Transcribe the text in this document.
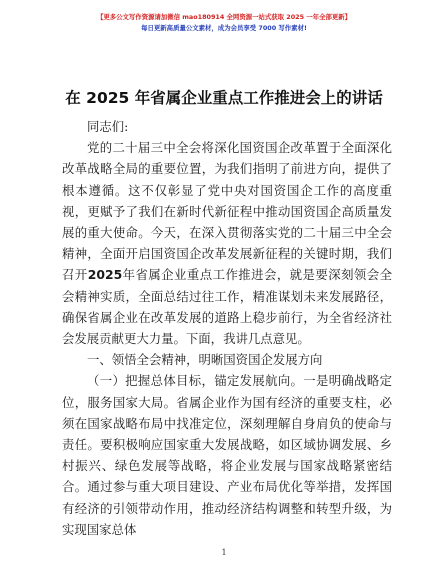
【更多公文写作资源请加微信 mao180914 全网资源一站式获取 2025 一年全部更新】
每日更新高质量公文素材，成为会员享受 7000 写作素材!
在 2025 年省属企业重点工作推进会上的讲话

同志们:

党的二十届三中全会将深化国资国企改革置于全面深化改革战略全局的重要位置，为我们指明了前进方向，提供了根本遵循。这不仅彰显了党中央对国资国企工作的高度重视，更赋予了我们在新时代新征程中推动国资国企高质量发展的重大使命。今天，在深入贯彻落实党的二十届三中全会精神，全面开启国资国企改革发展新征程的关键时期，我们召开2025年省属企业重点工作推进会，就是要深刻领会全会精神实质，全面总结过往工作，精准谋划未来发展路径，确保省属企业在改革发展的道路上稳步前行，为全省经济社会发展贡献更大力量。下面，我讲几点意见。

一、领悟全会精神，明晰国资国企发展方向

（一）把握总体目标，锚定发展航向。一是明确战略定位，服务国家大局。省属企业作为国有经济的重要支柱，必须在国家战略布局中找准定位，深刻理解自身肩负的使命与责任。要积极响应国家重大发展战略，如区域协调发展、乡村振兴、绿色发展等战略，将企业发展与国家战略紧密结合。通过参与重大项目建设、产业布局优化等举措，发挥国有经济的引领带动作用，推动经济结构调整和转型升级，为实现国家总体

1
